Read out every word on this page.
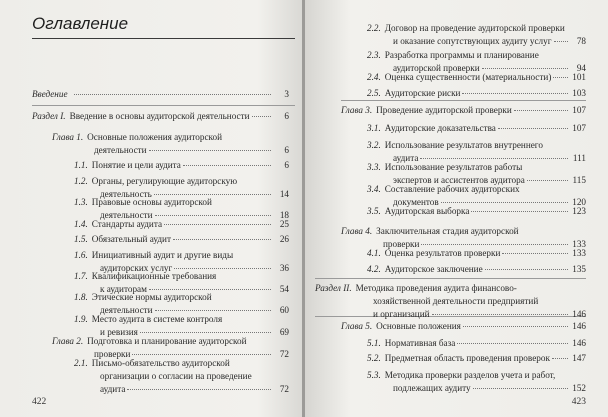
Оглавление
Введение	3
Раздел I. Введение в основы аудиторской деятельности	6
Глава 1. Основные положения аудиторской
деятельности	6
1.1. Понятие и цели аудита	6
1.2. Органы, регулирующие аудиторскую
деятельность	14
1.3. Правовые основы аудиторской
деятельности	18
1.4. Стандарты аудита	25
1.5. Обязательный аудит	26
1.6. Инициативный аудит и другие виды
аудиторских услуг	36
1.7. Квалификационные требования
к аудиторам	54
1.8. Этические нормы аудиторской
деятельности	60
1.9. Место аудита в системе контроля
и ревизия	69
Глава 2. Подготовка и планирование аудиторской
проверки	72
2.1. Письмо-обязательство аудиторской
организации о согласии на проведение
аудита	72
422
2.2. Договор на проведение аудиторской проверки
и оказание сопутствующих аудиту услуг	78
2.3. Разработка программы и планирование
аудиторской проверки	94
2.4. Оценка существенности (материальности) 101
2.5. Аудиторские риски	103
Глава 3. Проведение аудиторской проверки	107
3.1. Аудиторские доказательства	107
3.2. Использование результатов внутреннего
аудита	111
3.3. Использование результатов работы
экспертов и ассистентов аудитора	115
3.4. Составление рабочих аудиторских
документов	120
3.5. Аудиторская выборка	123
Глава 4. Заключительная стадия аудиторской
проверки	133
4.1. Оценка результатов проверки	133
4.2. Аудиторское заключение	135
Раздел II. Методика проведения аудита финансово-
хозяйственной деятельности предприятий
и организаций	146
Глава 5. Основные положения	146
5.1. Нормативная база	146
5.2. Предметная область проведения проверок 147
5.3. Методика проверки разделов учета и работ,
подлежащих аудиту	152
423
